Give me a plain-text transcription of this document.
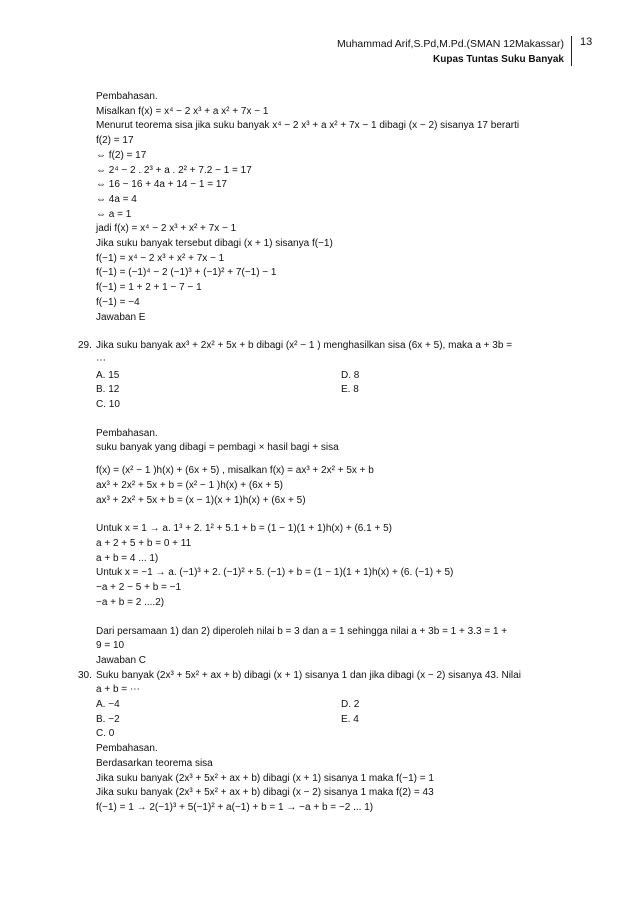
Muhammad Arif,S.Pd,M.Pd.(SMAN 12Makassar)
Kupas Tuntas Suku Banyak
13
Pembahasan.
Misalkan f(x) = x⁴ − 2 x³ + a x² + 7x − 1
Menurut teorema sisa jika suku banyak x⁴ − 2 x³ + a x² + 7x − 1 dibagi (x − 2) sisanya 17 berarti
f(2) = 17
⇔ f(2) = 17
⇔ 2⁴ − 2 . 2³ + a . 2² + 7.2 − 1 = 17
⇔ 16 − 16 + 4a + 14 − 1 = 17
⇔ 4a = 4
⇔ a = 1
jadi f(x) = x⁴ − 2 x³ + x² + 7x − 1
Jika suku banyak tersebut dibagi (x + 1) sisanya f(−1)
f(−1) = x⁴ − 2 x³ + x² + 7x − 1
f(−1) = (−1)⁴ − 2 (−1)³ + (−1)² + 7(−1) − 1
f(−1) = 1 + 2 + 1 − 7 − 1
f(−1) = −4
Jawaban E
29. Jika suku banyak ax³ + 2x² + 5x + b dibagi (x² − 1 ) menghasilkan sisa (6x + 5), maka a + 3b =
⋯
A. 15	D. 8
B. 12	E. 8
C. 10
Pembahasan.
suku banyak yang dibagi = pembagi × hasil bagi + sisa
f(x) = (x² − 1 )h(x) + (6x + 5) , misalkan f(x) = ax³ + 2x² + 5x + b
ax³ + 2x² + 5x + b = (x² − 1 )h(x) + (6x + 5)
ax³ + 2x² + 5x + b = (x − 1)(x + 1)h(x) + (6x + 5)
Untuk x = 1 → a. 1³ + 2. 1² + 5.1 + b = (1 − 1)(1 + 1)h(x) + (6.1 + 5)
a + 2 + 5 + b = 0 + 11
a + b = 4 ... 1)
Untuk x = −1 → a. (−1)³ + 2. (−1)² + 5. (−1) + b = (1 − 1)(1 + 1)h(x) + (6. (−1) + 5)
−a + 2 − 5 + b = −1
−a + b = 2 ....2)
Dari persamaan 1) dan 2) diperoleh nilai b = 3 dan a = 1 sehingga nilai a + 3b = 1 + 3.3 = 1 +
9 = 10
Jawaban C
30. Suku banyak (2x³ + 5x² + ax + b) dibagi (x + 1) sisanya 1 dan jika dibagi (x − 2) sisanya 43. Nilai
a + b = ⋯
A. −4	D. 2
B. −2	E. 4
C. 0
Pembahasan.
Berdasarkan teorema sisa
Jika suku banyak (2x³ + 5x² + ax + b) dibagi (x + 1) sisanya 1 maka f(−1) = 1
Jika suku banyak (2x³ + 5x² + ax + b) dibagi (x − 2) sisanya 1 maka f(2) = 43
f(−1) = 1 → 2(−1)³ + 5(−1)² + a(−1) + b = 1 → −a + b = −2 ... 1)
